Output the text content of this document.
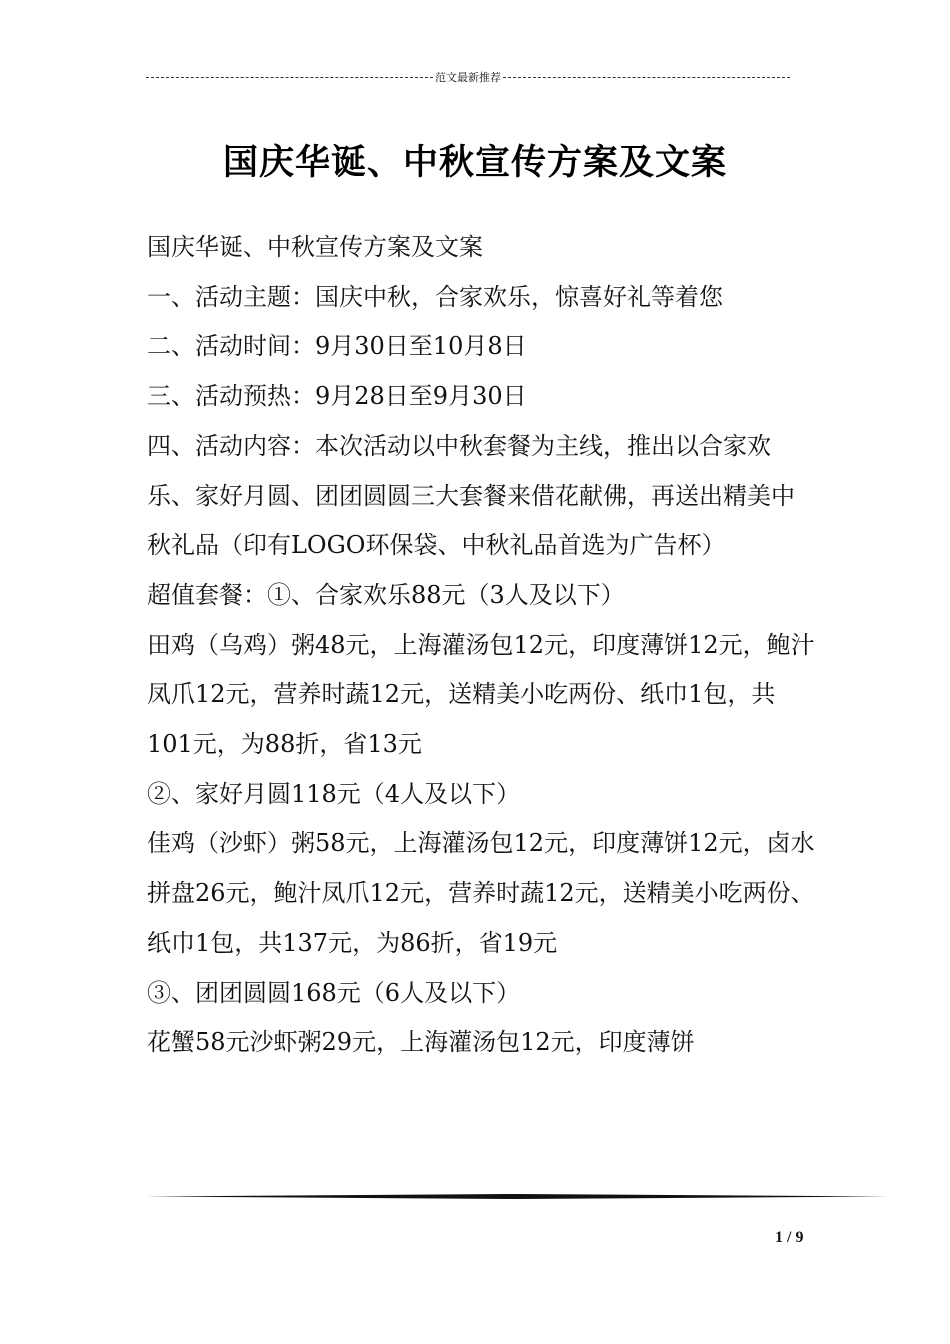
范文最新推荐
国庆华诞、中秋宣传方案及文案

国庆华诞、中秋宣传方案及文案

一、活动主题：国庆中秋，合家欢乐，惊喜好礼等着您

二、活动时间：9月30日至10月8日

三、活动预热：9月28日至9月30日

四、活动内容：本次活动以中秋套餐为主线，推出以合家欢乐、家好月圆、团团圆圆三大套餐来借花献佛，再送出精美中秋礼品（印有LOGO环保袋、中秋礼品首选为广告杯）

超值套餐：①、合家欢乐88元（3人及以下）

田鸡（乌鸡）粥48元，上海灌汤包12元，印度薄饼12元，鲍汁凤爪12元，营养时蔬12元，送精美小吃两份、纸巾1包，共101元，为88折，省13元

②、家好月圆118元（4人及以下）

佳鸡（沙虾）粥58元，上海灌汤包12元，印度薄饼12元，卤水拼盘26元，鲍汁凤爪12元，营养时蔬12元，送精美小吃两份、纸巾1包，共137元，为86折，省19元

③、团团圆圆168元（6人及以下）

花蟹58元沙虾粥29元，上海灌汤包12元，印度薄饼

1 / 9
